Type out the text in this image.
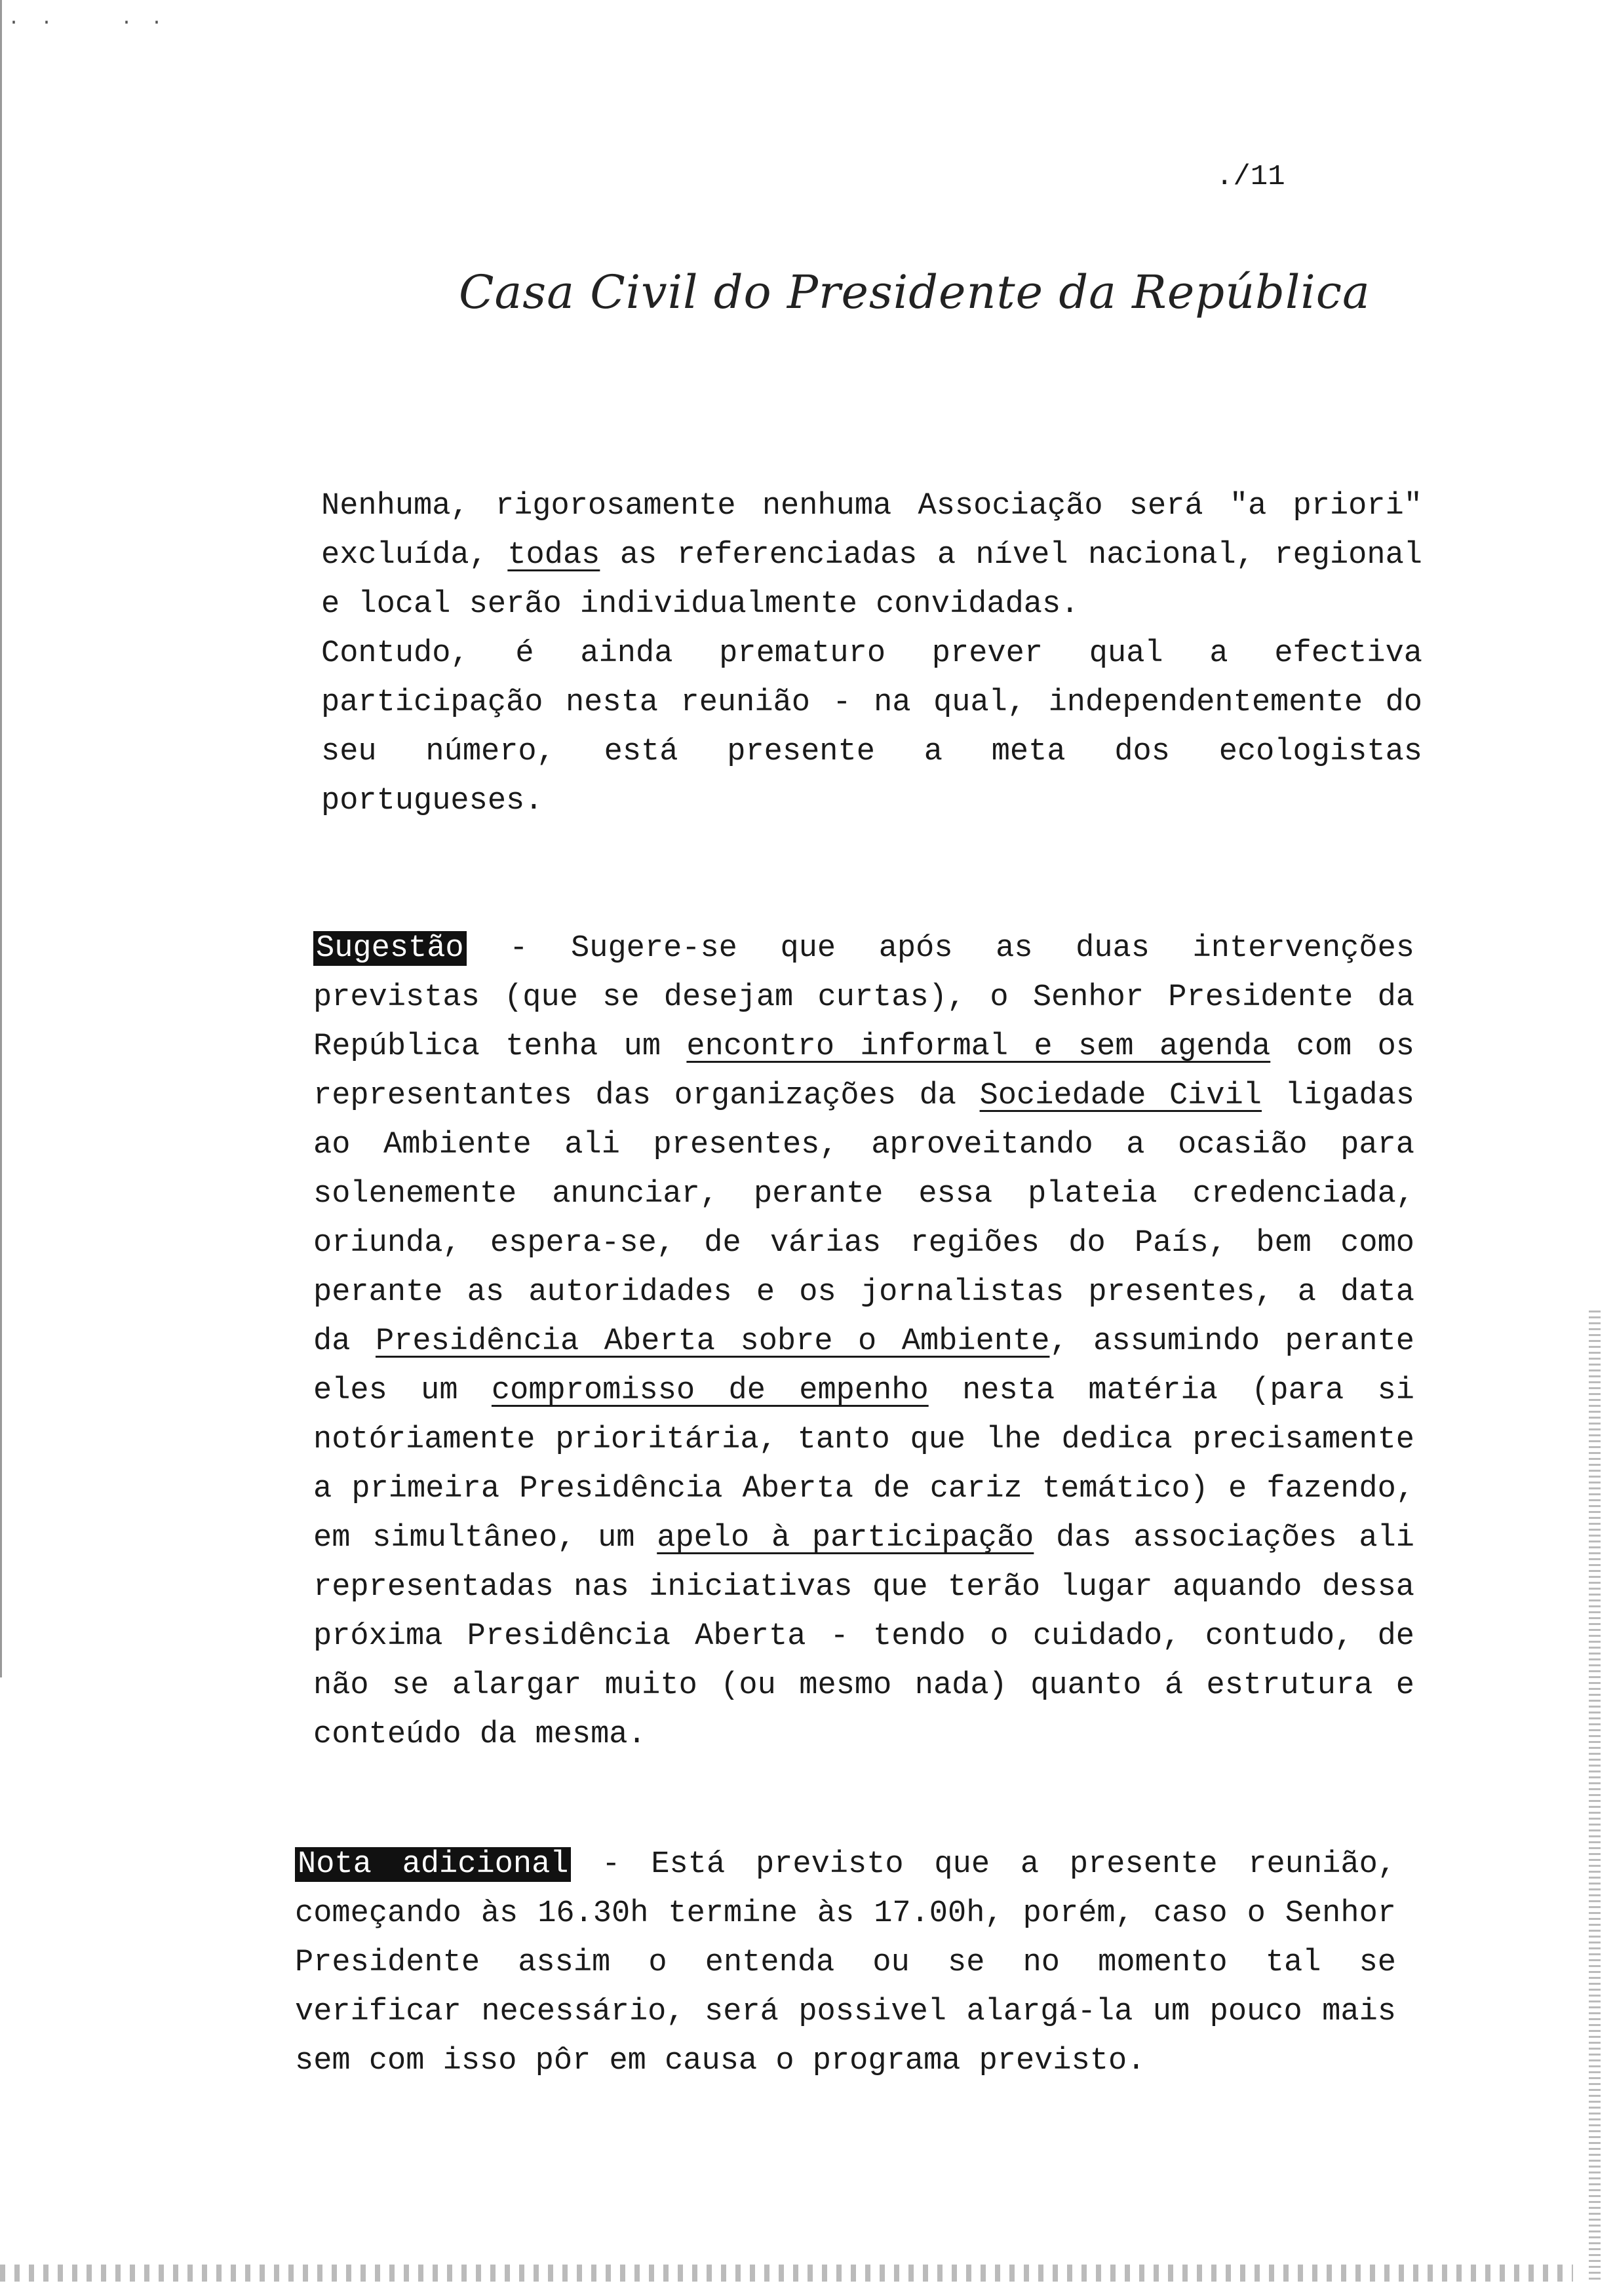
· ·	· ·
./11
Casa Civil do Presidente da República

Nenhuma, rigorosamente nenhuma Associação será "a priori" excluída, todas as referenciadas a nível nacional, regional e local serão individualmente convidadas.

Contudo, é ainda prematuro prever qual a efectiva participação nesta reunião - na qual, independentemente do seu número, está presente a meta dos ecologistas portugueses.

Sugestão - Sugere-se que após as duas intervenções previstas (que se desejam curtas), o Senhor Presidente da República tenha um encontro informal e sem agenda com os representantes das organizações da Sociedade Civil ligadas ao Ambiente ali presentes, aproveitando a ocasião para solenemente anunciar, perante essa plateia credenciada, oriunda, espera-se, de várias regiões do País, bem como perante as autoridades e os jornalistas presentes, a data da Presidência Aberta sobre o Ambiente, assumindo perante eles um compromisso de empenho nesta matéria (para si notóriamente prioritária, tanto que lhe dedica precisamente a primeira Presidência Aberta de cariz temático) e fazendo, em simultâneo, um apelo à participação das associações ali representadas nas iniciativas que terão lugar aquando dessa próxima Presidência Aberta - tendo o cuidado, contudo, de não se alargar muito (ou mesmo nada) quanto á estrutura e conteúdo da mesma.

Nota adicional - Está previsto que a presente reunião, começando às 16.30h termine às 17.00h, porém, caso o Senhor Presidente assim o entenda ou se no momento tal se verificar necessário, será possivel alargá-la um pouco mais sem com isso pôr em causa o programa previsto.
